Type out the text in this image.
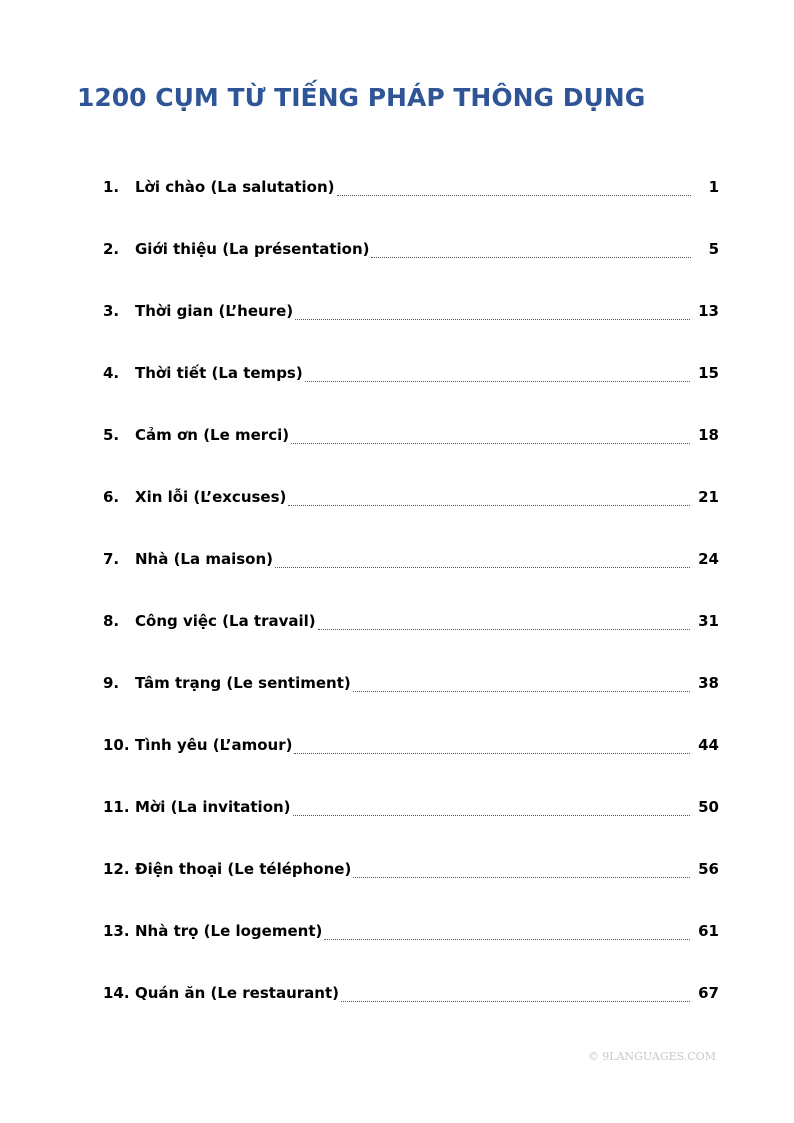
1200 CỤM TỪ TIẾNG PHÁP THÔNG DỤNG
1.	Lời chào (La salutation)	1
2.	Giới thiệu (La présentation)	5
3.	Thời gian (L’heure)	13
4.	Thời tiết (La temps)	15
5.	Cảm ơn (Le merci)	18
6.	Xin lỗi (L’excuses)	21
7.	Nhà (La maison)	24
8.	Công việc (La travail)	31
9.	Tâm trạng (Le sentiment)	38
10. Tình yêu (L’amour)	44
11. Mời (La invitation)	50
12. Điện thoại (Le téléphone)	56
13. Nhà trọ (Le logement)	61
14. Quán ăn (Le restaurant)	67
© 9LANGUAGES.COM
